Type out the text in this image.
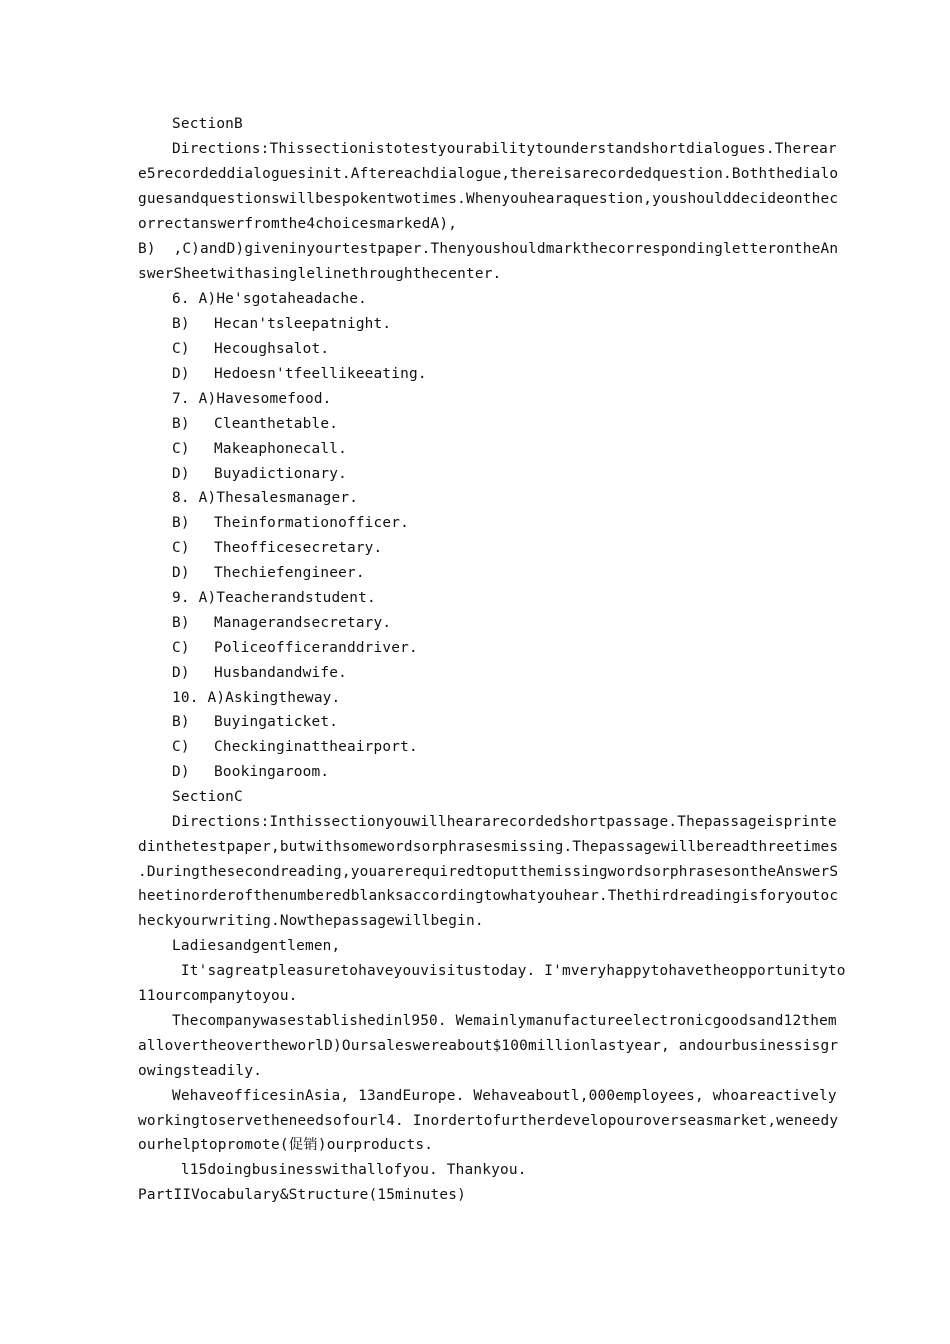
SectionB
Directions:Thissectionistotestyourabilitytounderstandshortdialogues.Therear
e5recordeddialoguesinit.Aftereachdialogue,thereisarecordedquestion.Boththedialo
guesandquestionswillbespokentwotimes.Whenyouhearaquestion,youshoulddecideonthec
orrectanswerfromthe4choicesmarkedA),
B)  ,C)andD)giveninyourtestpaper.ThenyoushouldmarkthecorrespondingletterontheAn
swerSheetwithasinglelinethroughthecenter.
6. A)He'sgotaheadache.
B) Hecan'tsleepatnight.
C) Hecoughsalot.
D) Hedoesn'tfeellikeeating.
7. A)Havesomefood.
B) Cleanthetable.
C) Makeaphonecall.
D) Buyadictionary.
8. A)Thesalesmanager.
B) Theinformationofficer.
C) Theofficesecretary.
D) Thechiefengineer.
9. A)Teacherandstudent.
B) Managerandsecretary.
C) Policeofficeranddriver.
D) Husbandandwife.
10. A)Askingtheway.
B) Buyingaticket.
C) Checkinginattheairport.
D) Bookingaroom.
SectionC
Directions:Inthissectionyouwillheararecordedshortpassage.Thepassageisprinte
dinthetestpaper,butwithsomewordsorphrasesmissing.Thepassagewillbereadthreetimes
.Duringthesecondreading,youarerequiredtoputthemissingwordsorphrasesontheAnswerS
heetinorderofthenumberedblanksaccordingtowhatyouhear.Thethirdreadingisforyoutoc
heckyourwriting.Nowthepassagewillbegin.
Ladiesandgentlemen,
It'sagreatpleasuretohaveyouvisitustoday. I'mveryhappytohavetheopportunityto
11ourcompanytoyou.
Thecompanywasestablishedinl950. Wemainlymanufactureelectronicgoodsand12them
allovertheovertheworlD)Oursaleswereabout$100millionlastyear, andourbusinessisgr
owingsteadily.
WehaveofficesinAsia, 13andEurope. Wehaveaboutl,000employees, whoareactively
workingtoservetheneedsofourl4. Inordertofurtherdevelopouroverseasmarket,weneedy
ourhelptopromote(促销)ourproducts.
l15doingbusinesswithallofyou. Thankyou.
PartIIVocabulary&Structure(15minutes)
